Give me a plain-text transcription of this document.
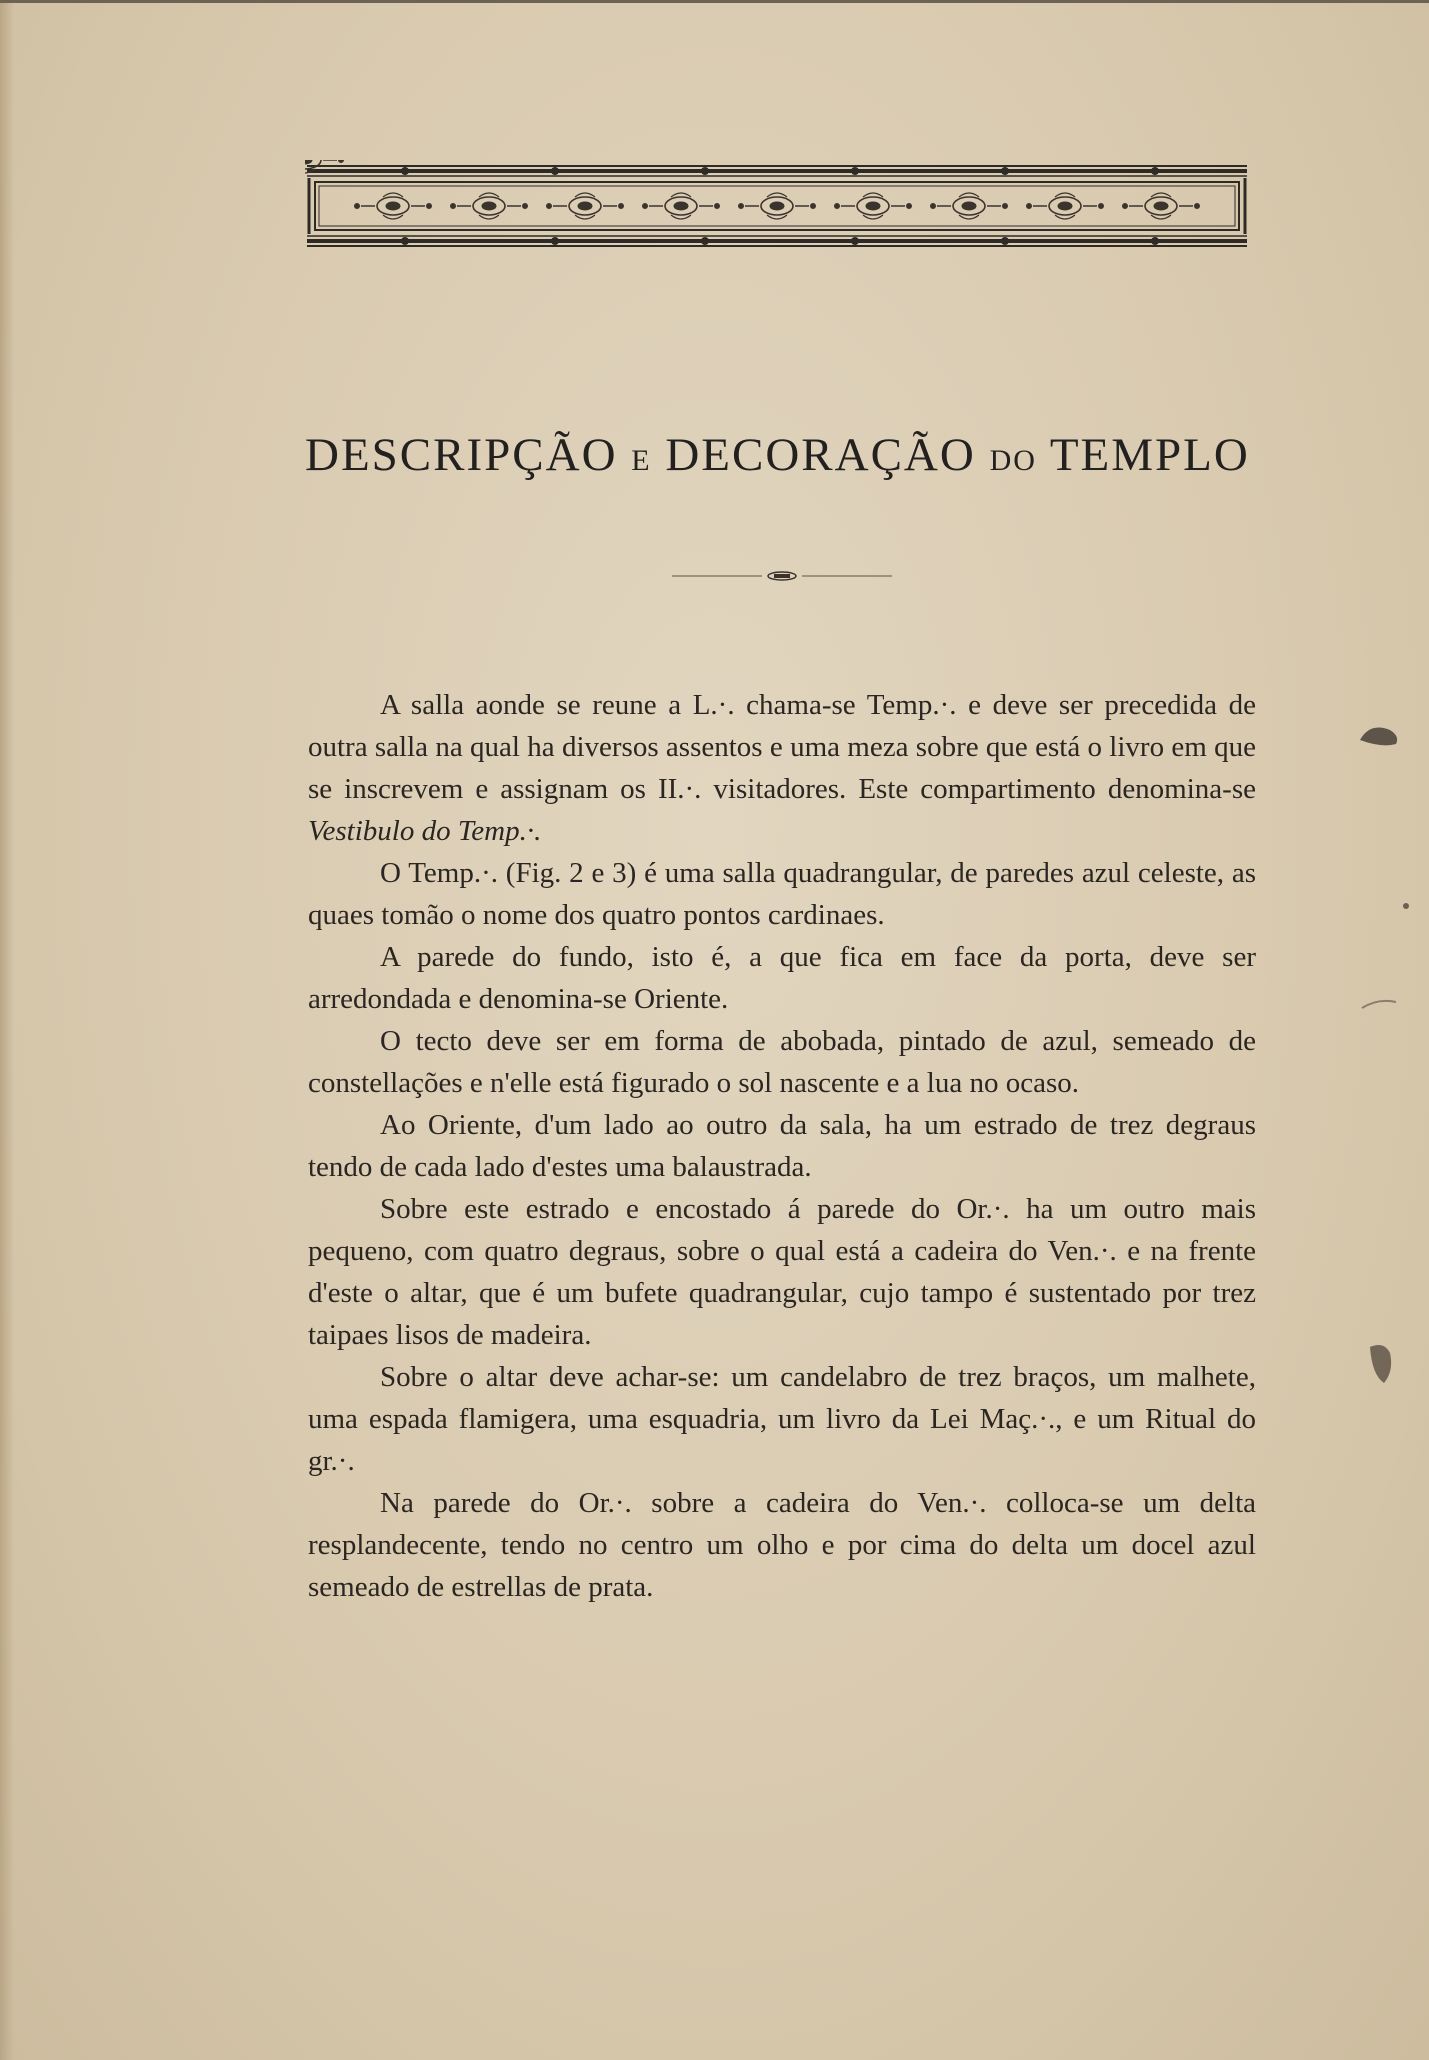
DESCRIPÇÃO E DECORAÇÃO DO TEMPLO

A salla aonde se reune a L.·. chama-se Temp.·. e deve ser precedida de outra salla na qual ha diversos assentos e uma meza sobre que está o livro em que se inscrevem e assignam os II.·. visitadores. Este compartimento denomina-se Vestibulo do Temp.·.

O Temp.·. (Fig. 2 e 3) é uma salla quadrangular, de paredes azul celeste, as quaes tomão o nome dos quatro pontos cardinaes.

A parede do fundo, isto é, a que fica em face da porta, deve ser arredondada e denomina-se Oriente.

O tecto deve ser em forma de abobada, pintado de azul, semeado de constellações e n'elle está figurado o sol nascente e a lua no ocaso.

Ao Oriente, d'um lado ao outro da sala, ha um estrado de trez degraus tendo de cada lado d'estes uma balaustrada.

Sobre este estrado e encostado á parede do Or.·. ha um outro mais pequeno, com quatro degraus, sobre o qual está a cadeira do Ven.·. e na frente d'este o altar, que é um bufete quadrangular, cujo tampo é sustentado por trez taipaes lisos de madeira.

Sobre o altar deve achar-se: um candelabro de trez braços, um malhete, uma espada flamigera, uma esquadria, um livro da Lei Maç.·., e um Ritual do gr.·.

Na parede do Or.·. sobre a cadeira do Ven.·. colloca-se um delta resplandecente, tendo no centro um olho e por cima do delta um docel azul semeado de estrellas de prata.
